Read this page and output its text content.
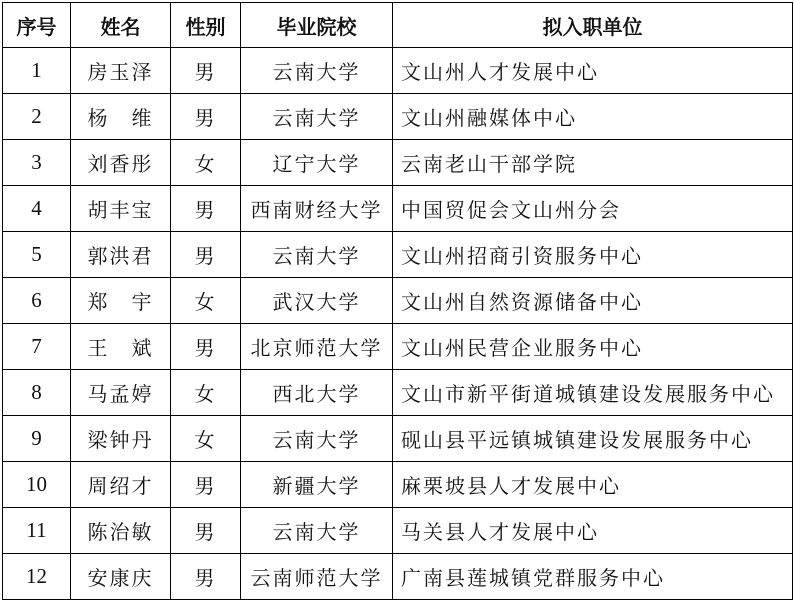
序号	姓名	性别	毕业院校	拟入职单位
1	房玉泽	男	云南大学	文山州人才发展中心
2	杨　维	男	云南大学	文山州融媒体中心
3	刘香彤	女	辽宁大学	云南老山干部学院
4	胡丰宝	男	西南财经大学	中国贸促会文山州分会
5	郭洪君	男	云南大学	文山州招商引资服务中心
6	郑　宇	女	武汉大学	文山州自然资源储备中心
7	王　斌	男	北京师范大学	文山州民营企业服务中心
8	马孟婷	女	西北大学	文山市新平街道城镇建设发展服务中心
9	梁钟丹	女	云南大学	砚山县平远镇城镇建设发展服务中心
10	周绍才	男	新疆大学	麻栗坡县人才发展中心
11	陈治敏	男	云南大学	马关县人才发展中心
12	安康庆	男	云南师范大学	广南县莲城镇党群服务中心
